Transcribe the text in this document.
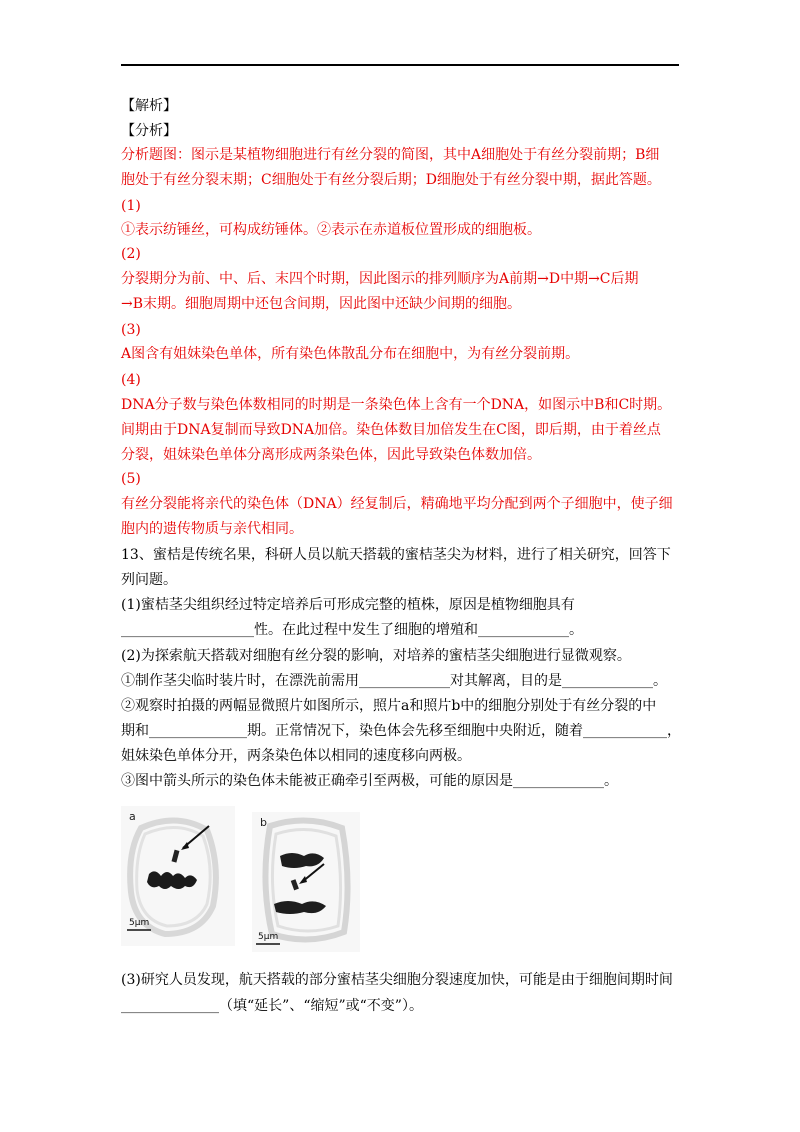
【解析】
【分析】
分析题图：图示是某植物细胞进行有丝分裂的简图，其中A细胞处于有丝分裂前期；B细
胞处于有丝分裂末期；C细胞处于有丝分裂后期；D细胞处于有丝分裂中期，据此答题。
(1)
①表示纺锤丝，可构成纺锤体。②表示在赤道板位置形成的细胞板。
(2)
分裂期分为前、中、后、末四个时期，因此图示的排列顺序为A前期→D中期→C后期
→B末期。细胞周期中还包含间期，因此图中还缺少间期的细胞。
(3)
A图含有姐妹染色单体，所有染色体散乱分布在细胞中，为有丝分裂前期。
(4)
DNA分子数与染色体数相同的时期是一条染色体上含有一个DNA，如图示中B和C时期。
间期由于DNA复制而导致DNA加倍。染色体数目加倍发生在C图，即后期，由于着丝点
分裂，姐妹染色单体分离形成两条染色体，因此导致染色体数加倍。
(5)
有丝分裂能将亲代的染色体（DNA）经复制后，精确地平均分配到两个子细胞中，使子细
胞内的遗传物质与亲代相同。
13、蜜桔是传统名果，科研人员以航天搭载的蜜桔茎尖为材料，进行了相关研究，回答下
列问题。
(1)蜜桔茎尖组织经过特定培养后可形成完整的植株，原因是植物细胞具有
___________________性。在此过程中发生了细胞的增殖和_____________。
(2)为探索航天搭载对细胞有丝分裂的影响，对培养的蜜桔茎尖细胞进行显微观察。
①制作茎尖临时装片时，在漂洗前需用_____________对其解离，目的是_____________。
②观察时拍摄的两幅显微照片如图所示，照片a和照片b中的细胞分别处于有丝分裂的中
期和______________期。正常情况下，染色体会先移至细胞中央附近，随着____________，
姐妹染色单体分开，两条染色体以相同的速度移向两极。
③图中箭头所示的染色体未能被正确牵引至两极，可能的原因是_____________。
a
5μm
b
5μm
(3)研究人员发现，航天搭载的部分蜜桔茎尖细胞分裂速度加快，可能是由于细胞间期时间
______________（填“延长”、“缩短”或“不变”）。
